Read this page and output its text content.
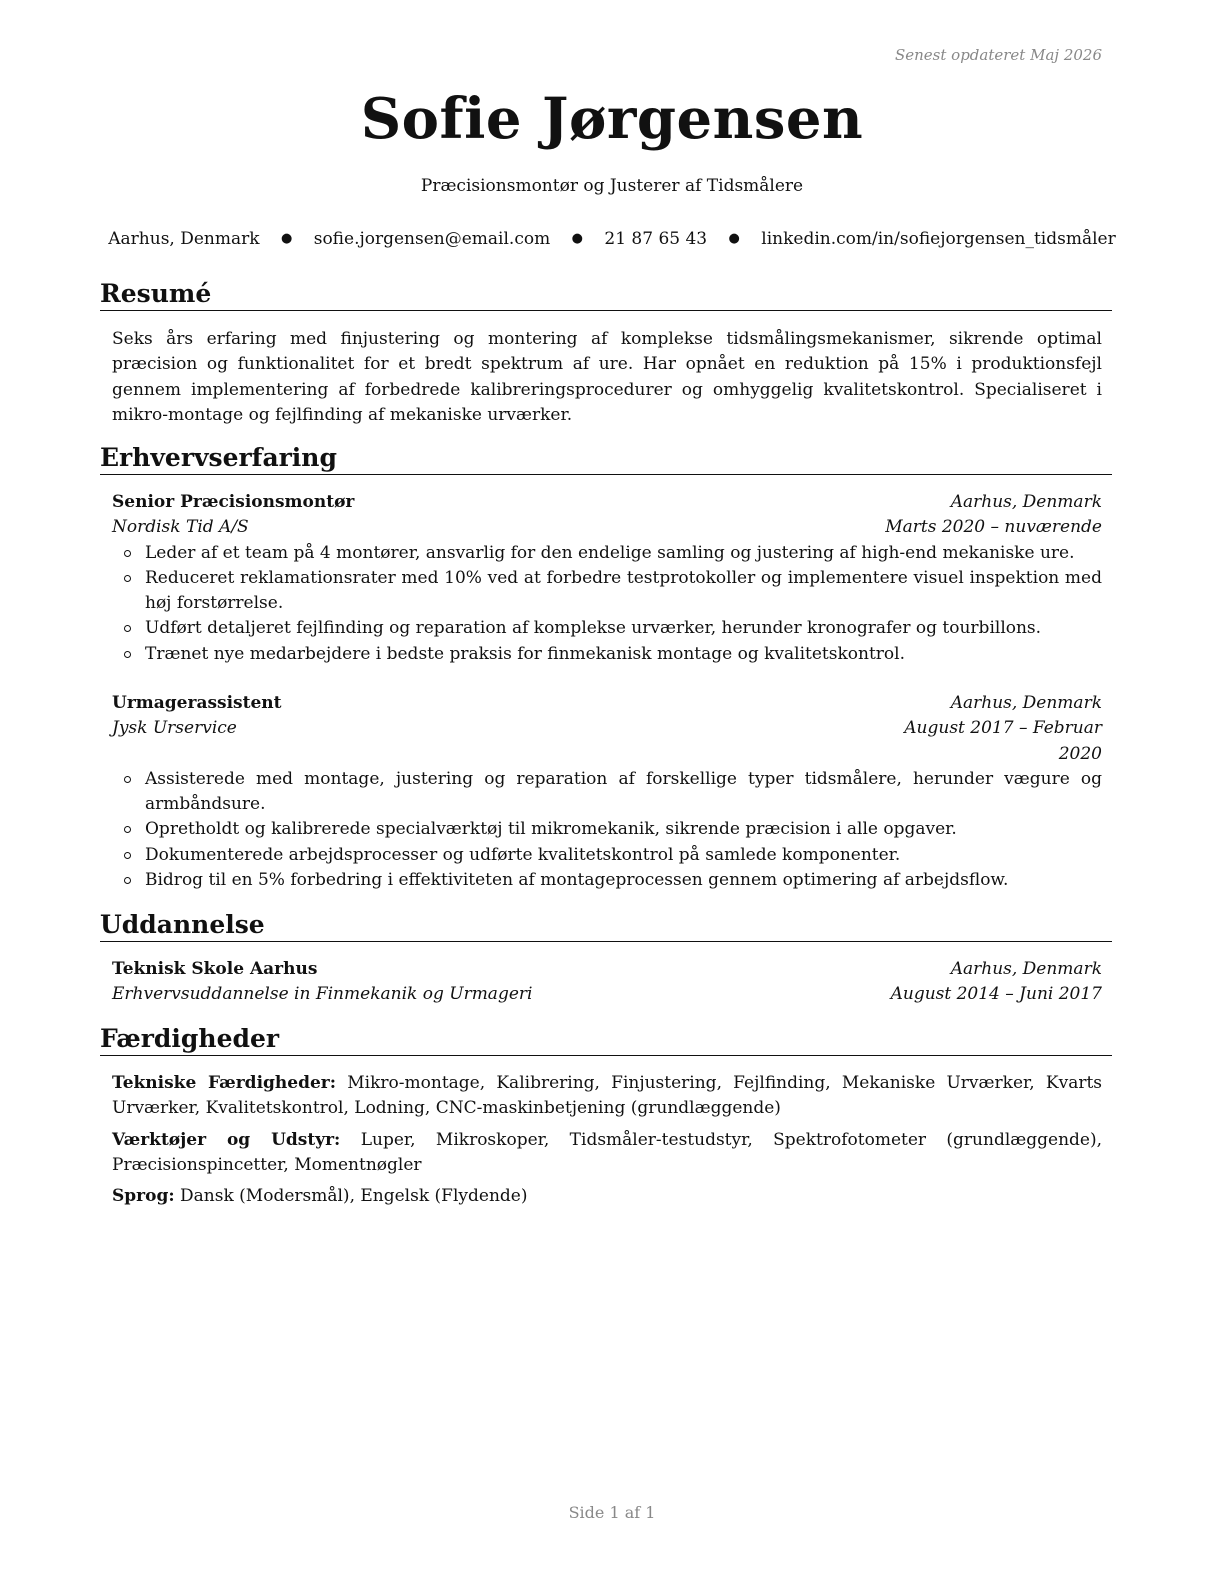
Senest opdateret Maj 2026
Sofie Jørgensen
Præcisionsmontør og Justerer af Tidsmålere
Aarhus, Denmark ● sofie.jorgensen@email.com ● 21 87 65 43 ● linkedin.com/in/sofiejorgensen_tidsmåler
Resumé
Seks års erfaring med finjustering og montering af komplekse tidsmålingsmekanismer, sikrende optimal præcision og funktionalitet for et bredt spektrum af ure. Har opnået en reduktion på 15% i produktionsfejl gennem implementering af forbedrede kalibreringsprocedurer og omhyggelig kvalitetskontrol. Specialiseret i mikro-montage og fejlfinding af mekaniske urværker.
Erhvervserfaring
Senior Præcisionsmontør	Aarhus, Denmark
Nordisk Tid A/S	Marts 2020 – nuværende
Leder af et team på 4 montører, ansvarlig for den endelige samling og justering af high-end mekaniske ure.
Reduceret reklamationsrater med 10% ved at forbedre testprotokoller og implementere visuel inspektion med høj forstørrelse.
Udført detaljeret fejlfinding og reparation af komplekse urværker, herunder kronografer og tourbillons.
Trænet nye medarbejdere i bedste praksis for finmekanisk montage og kvalitetskontrol.
Urmagerassistent	Aarhus, Denmark
Jysk Urservice	August 2017 – Februar 2020
Assisterede med montage, justering og reparation af forskellige typer tidsmålere, herunder vægure og armbåndsure.
Opretholdt og kalibrerede specialværktøj til mikromekanik, sikrende præcision i alle opgaver.
Dokumenterede arbejdsprocesser og udførte kvalitetskontrol på samlede komponenter.
Bidrog til en 5% forbedring i effektiviteten af montageprocessen gennem optimering af arbejdsflow.
Uddannelse
Teknisk Skole Aarhus	Aarhus, Denmark
Erhvervsuddannelse in Finmekanik og Urmageri	August 2014 – Juni 2017
Færdigheder

Tekniske Færdigheder: Mikro-montage, Kalibrering, Finjustering, Fejlfinding, Mekaniske Urværker, Kvarts Urværker, Kvalitetskontrol, Lodning, CNC-maskinbetjening (grundlæggende)

Værktøjer og Udstyr: Luper, Mikroskoper, Tidsmåler-testudstyr, Spektrofotometer (grundlæggende), Præcisionspincetter, Momentnøgler

Sprog: Dansk (Modersmål), Engelsk (Flydende)

Side 1 af 1
